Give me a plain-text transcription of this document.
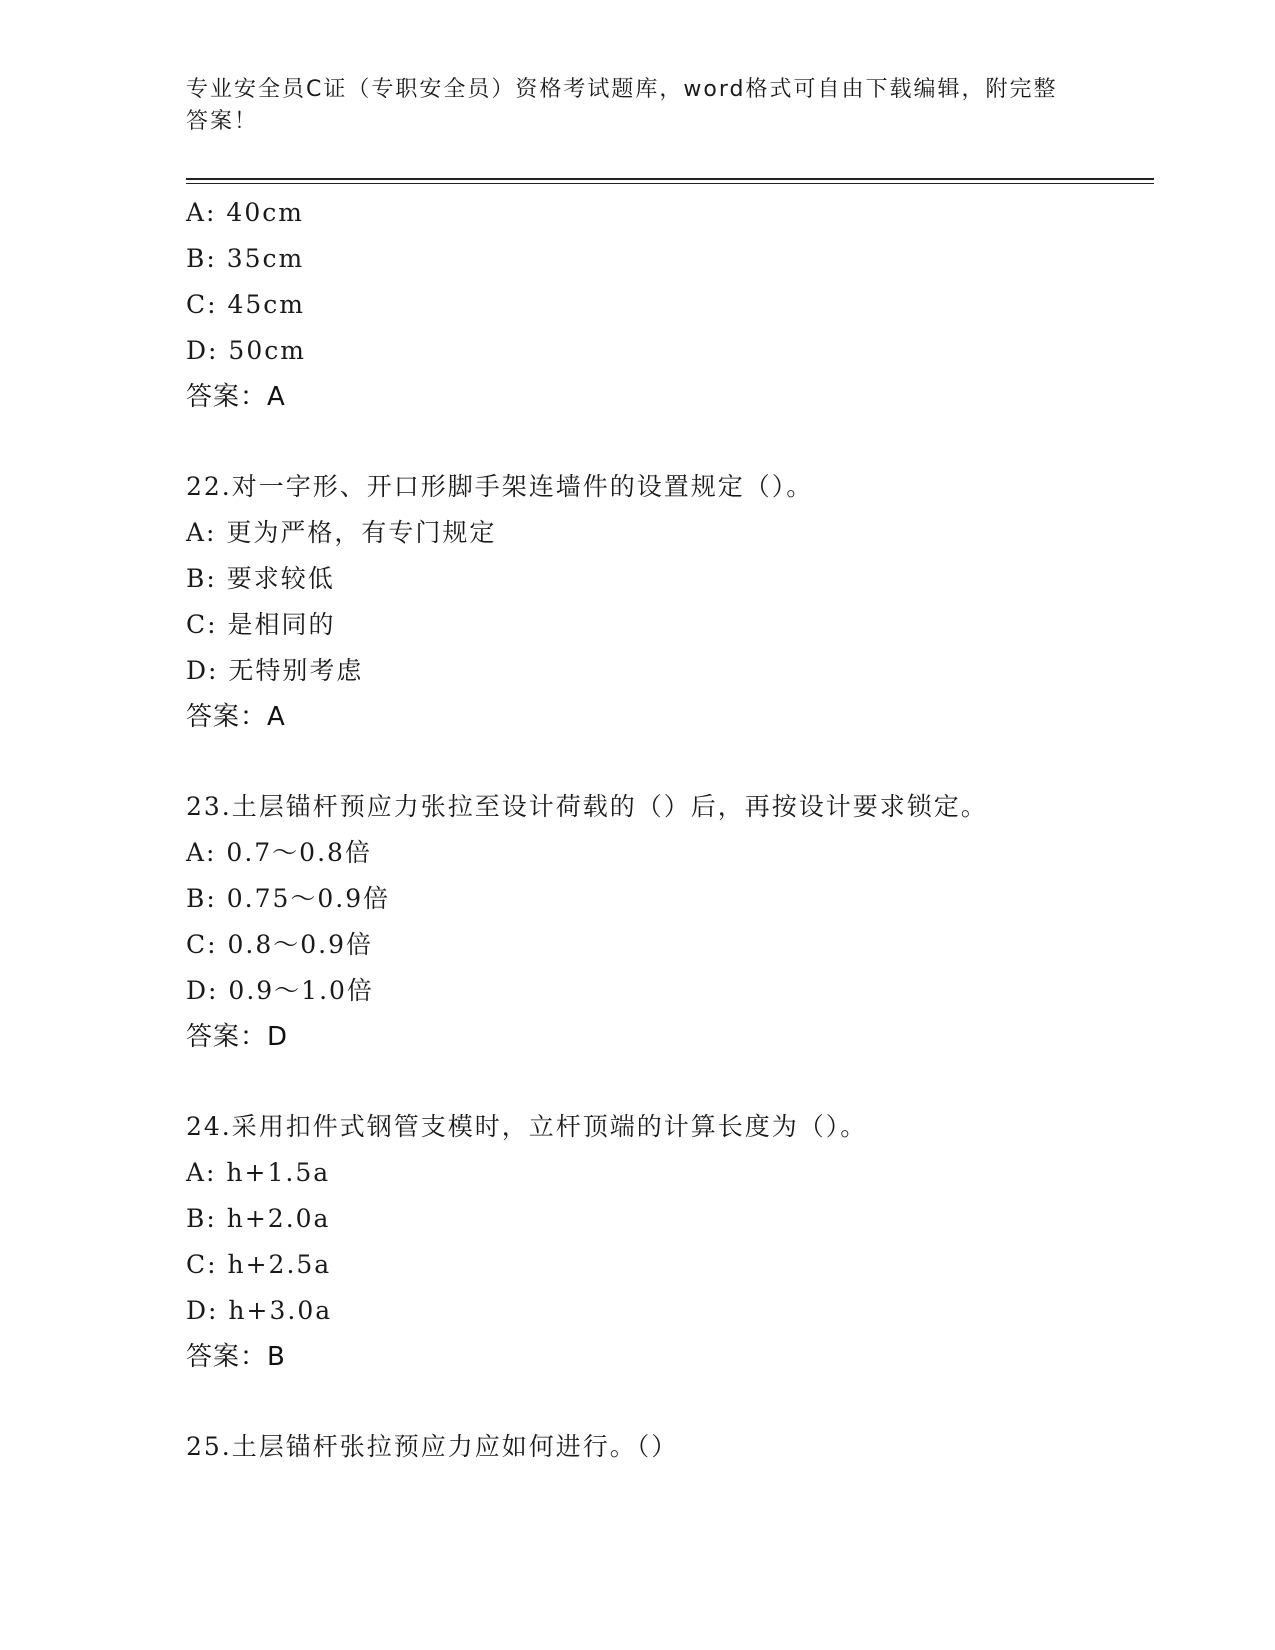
专业安全员C证（专职安全员）资格考试题库，word格式可自由下载编辑，附完整答案！
A: 40cm
B: 35cm
C: 45cm
D: 50cm
答案：A
22.对一字形、开口形脚手架连墙件的设置规定（）。
A: 更为严格，有专门规定
B: 要求较低
C: 是相同的
D: 无特别考虑
答案：A
23.土层锚杆预应力张拉至设计荷载的（）后，再按设计要求锁定。
A: 0.7～0.8倍
B: 0.75～0.9倍
C: 0.8～0.9倍
D: 0.9～1.0倍
答案：D
24.采用扣件式钢管支模时，立杆顶端的计算长度为（）。
A: h+1.5a
B: h+2.0a
C: h+2.5a
D: h+3.0a
答案：B
25.土层锚杆张拉预应力应如何进行。（）
